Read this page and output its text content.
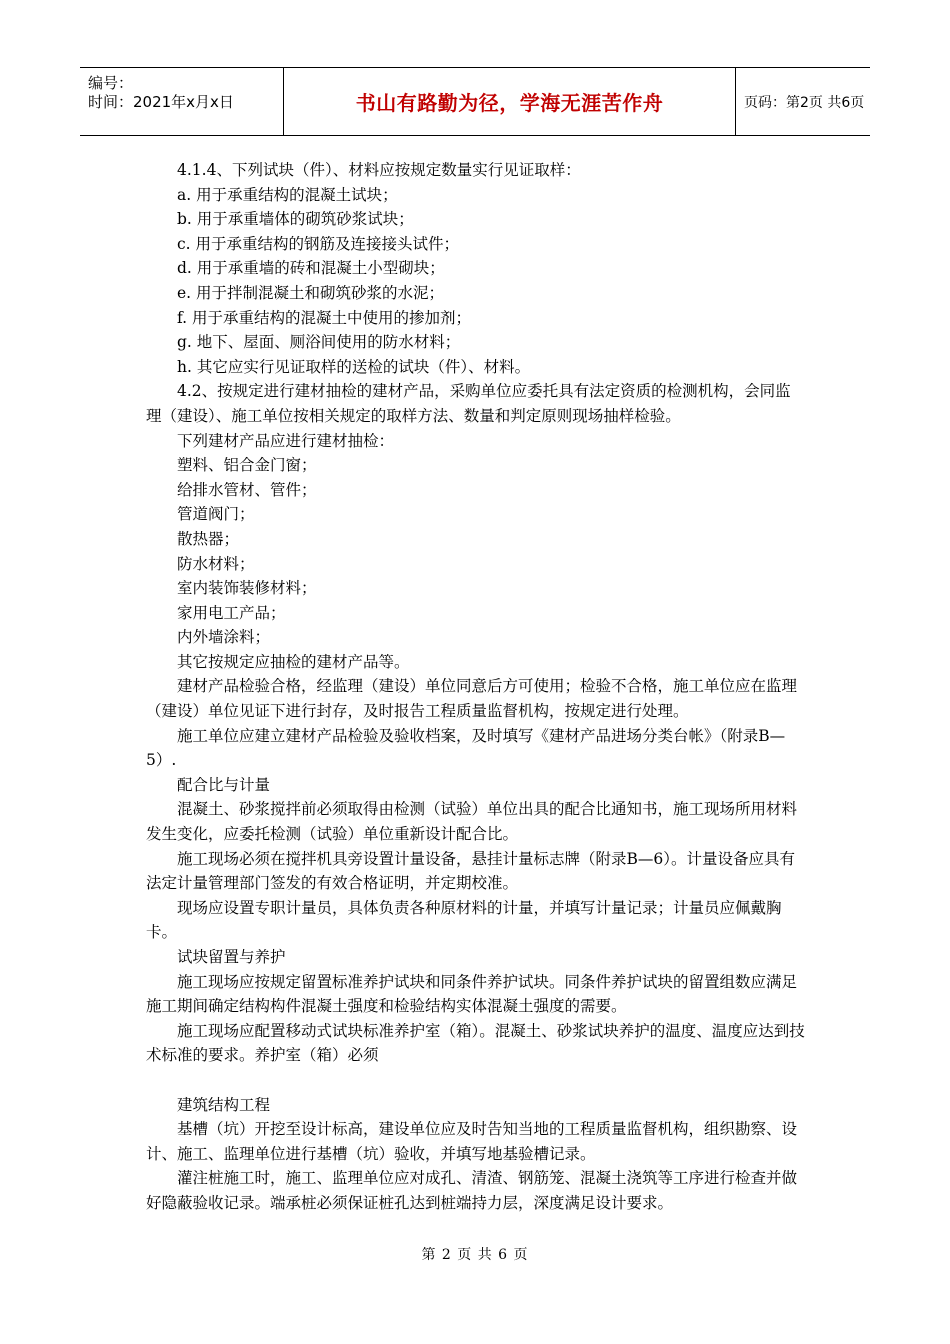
编号：
时间：2021年x月x日	书山有路勤为径，学海无涯苦作舟	页码：第2页 共6页

4.1.4、下列试块（件）、材料应按规定数量实行见证取样：

a. 用于承重结构的混凝土试块；

b. 用于承重墙体的砌筑砂浆试块；

c. 用于承重结构的钢筋及连接接头试件；

d. 用于承重墙的砖和混凝土小型砌块；

e. 用于拌制混凝土和砌筑砂浆的水泥；

f. 用于承重结构的混凝土中使用的掺加剂；

g. 地下、屋面、厕浴间使用的防水材料；

h. 其它应实行见证取样的送检的试块（件）、材料。

4.2、按规定进行建材抽检的建材产品，采购单位应委托具有法定资质的检测机构，会同监理（建设）、施工单位按相关规定的取样方法、数量和判定原则现场抽样检验。

下列建材产品应进行建材抽检：

塑料、铝合金门窗；

给排水管材、管件；

管道阀门；

散热器；

防水材料；

室内装饰装修材料；

家用电工产品；

内外墙涂料；

其它按规定应抽检的建材产品等。

建材产品检验合格，经监理（建设）单位同意后方可使用；检验不合格，施工单位应在监理（建设）单位见证下进行封存，及时报告工程质量监督机构，按规定进行处理。

施工单位应建立建材产品检验及验收档案，及时填写《建材产品进场分类台帐》（附录B—5）.

配合比与计量

混凝土、砂浆搅拌前必须取得由检测（试验）单位出具的配合比通知书，施工现场所用材料发生变化，应委托检测（试验）单位重新设计配合比。

施工现场必须在搅拌机具旁设置计量设备，悬挂计量标志牌（附录B—6）。计量设备应具有法定计量管理部门签发的有效合格证明，并定期校准。

现场应设置专职计量员，具体负责各种原材料的计量，并填写计量记录；计量员应佩戴胸卡。

试块留置与养护

施工现场应按规定留置标准养护试块和同条件养护试块。同条件养护试块的留置组数应满足施工期间确定结构构件混凝土强度和检验结构实体混凝土强度的需要。

施工现场应配置移动式试块标准养护室（箱）。混凝土、砂浆试块养护的温度、温度应达到技术标准的要求。养护室（箱）必须

建筑结构工程

基槽（坑）开挖至设计标高，建设单位应及时告知当地的工程质量监督机构，组织勘察、设计、施工、监理单位进行基槽（坑）验收，并填写地基验槽记录。

灌注桩施工时，施工、监理单位应对成孔、清渣、钢筋笼、混凝土浇筑等工序进行检查并做好隐蔽验收记录。端承桩必须保证桩孔达到桩端持力层，深度满足设计要求。

第 2 页 共 6 页
